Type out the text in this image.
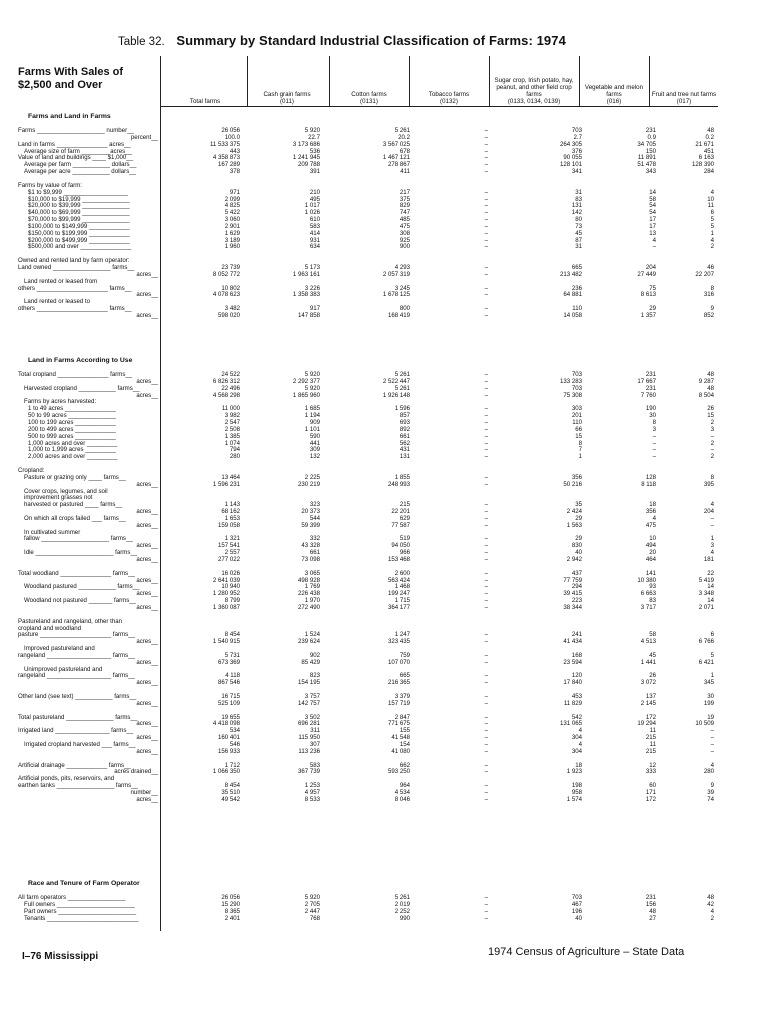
Table 32. Summary by Standard Industrial Classification of Farms: 1974
Farms With Sales of $2,500 and Over
Total farms
Cash grain farms
(011)
Cotton farms
(0131)
Tobacco farms
(0132)
Sugar crop, Irish potato, hay, peanut, and other field crop farms
(0133, 0134, 0139)
Vegetable and melon farms
(016)
Fruit and tree nut farms
(017)
Farms and Land in Farms
Farms ____________________ number__	26 056	5 920	5 261	–	703	231	48
percent__	100.0	22.7	20.2	–	2.7	0.9	0.2
Land in farms _______________ acres__	11 533 375	3 173 686	3 567 025	–	264 305	34 705	21 671
Average size of farm ________ acres__	443	536	678	–	376	150	451
Value of land and buildings ____ $1,000__	4 358 873	1 241 945	1 467 121	–	90 055	11 891	6 163
Average per farm ___________ dollars__	167 289	209 788	278 867	–	128 101	51 478	128 390
Average per acre ___________ dollars__	378	391	411	–	341	343	284
Farms by value of farm:
$1 to $9,999 ___________________	971	210	217	–	31	14	4
$10,000 to $19,999 ______________	2 099	495	375	–	83	58	10
$20,000 to $39,999 ______________	4 825	1 017	829	–	131	54	11
$40,000 to $69,999 ______________	5 422	1 026	747	–	142	54	6
$70,000 to $99,999 ______________	3 060	610	485	–	80	17	5
$100,000 to $149,999 ____________	2 901	583	475	–	73	17	5
$150,000 to $199,999 ____________	1 629	414	308	–	45	13	1
$200,000 to $499,999 ____________	3 189	931	925	–	87	4	4
$500,000 and over _______________	1 960	634	900	–	31	–	2
Owned and rented land by farm operator:
Land owned _________________ farms__	23 739	5 173	4 293	–	665	204	46
acres__	8 052 772	1 963 161	2 057 319	–	213 482	27 449	22 207
Land rented or leased from
others _____________________ farms__	10 802	3 226	3 245	–	236	75	8
acres__	4 078 623	1 358 383	1 678 125	–	64 881	8 613	316
Land rented or leased to
others _____________________ farms__	3 482	917	800	–	110	29	9
acres__	598 020	147 858	168 419	–	14 058	1 357	852
Land in Farms According to Use
Total cropland _______________ farms__	24 522	5 920	5 261	–	703	231	48
acres__	6 826 312	2 292 377	2 522 447	–	133 283	17 667	9 287
Harvested cropland ___________ farms__	22 496	5 920	5 261	–	703	231	48
acres__	4 568 298	1 865 960	1 926 148	–	75 308	7 760	8 504
Farms by acres harvested:
1 to 49 acres _______________	11 000	1 685	1 596	–	303	190	26
50 to 99 acres ______________	3 982	1 194	857	–	201	30	15
100 to 199 acres ____________	2 547	909	693	–	110	8	2
200 to 499 acres ____________	2 508	1 101	892	–	66	3	3
500 to 999 acres ____________	1 385	590	661	–	15	–	–
1,000 acres and over _________	1 074	441	562	–	8	–	2
1,000 to 1,999 acres _________	794	309	431	–	7	–	–
2,000 acres and over _________	280	132	131	–	1	–	2
Cropland:
Pasture or grazing only ____ farms__	13 464	2 225	1 855	–	356	128	8
acres__	1 596 231	230 219	248 993	–	50 216	8 118	395
Cover crops, legumes, and soil
improvement grasses not
harvested or pastured ____ farms__	1 143	323	215	–	35	18	4
acres__	68 162	20 373	22 201	–	2 424	356	204
On which all crops failed ___ farms__	1 653	544	629	–	29	4	–
acres__	159 058	59 399	77 587	–	1 563	475	–
In cultivated summer
fallow ____________________ farms__	1 321	332	519	–	29	10	1
acres__	157 541	43 328	94 050	–	830	494	3
Idle _______________________ farms__	2 557	661	966	–	40	20	4
acres__	277 022	73 098	153 468	–	2 942	464	181
Total woodland _______________ farms__	16 026	3 065	2 600	–	437	141	22
acres__	2 641 039	498 928	563 424	–	77 759	10 380	5 419
Woodland pastured ___________ farms__	10 940	1 769	1 468	–	294	93	14
acres__	1 280 952	226 438	199 247	–	39 415	6 663	3 348
Woodland not pastured _______ farms__	8 799	1 970	1 715	–	223	83	14
acres__	1 360 087	272 490	364 177	–	38 344	3 717	2 071
Pastureland and rangeland, other than
cropland and woodland
pasture _____________________ farms__	8 454	1 524	1 247	–	241	58	6
acres__	1 540 915	239 624	323 435	–	41 434	4 513	6 766
Improved pastureland and
rangeland ___________________ farms__	5 731	902	759	–	168	45	5
acres__	673 369	85 429	107 070	–	23 594	1 441	6 421
Unimproved pastureland and
rangeland ___________________ farms__	4 118	823	665	–	120	26	1
acres__	867 546	154 195	216 365	–	17 840	3 072	345
Other land (see text) ___________ farms__	16 715	3 757	3 379	–	453	137	30
acres__	525 109	142 757	157 719	–	11 829	2 145	199
Total pastureland ______________ farms__	19 655	3 502	2 847	–	542	172	19
acres__	4 418 098	696 281	771 675	–	131 065	19 294	10 509
Irrigated land ________________ farms__	534	311	155	–	4	11	–
acres__	160 401	115 950	41 548	–	304	215	–
Irrigated cropland harvested ___ farms__	546	307	154	–	4	11	–
acres__	156 933	113 236	41 080	–	304	215	–
Artificial drainage ____________ farms__	1 712	583	662	–	18	12	4
acres drained__	1 066 350	367 739	593 250	–	1 923	333	280
Artificial ponds, pits, reservoirs, and
earthen tanks _________________ farms__	8 454	1 253	964	–	198	60	9
number__	35 510	4 957	4 534	–	958	171	39
acres__	49 542	8 533	8 046	–	1 574	172	74
Race and Tenure of Farm Operator
All farm operators _________________	26 056	5 920	5 261	–	703	231	48
Full owners _______________________	15 290	2 705	2 019	–	467	156	42
Part owners _______________________	8 365	2 447	2 252	–	196	48	4
Tenants ___________________________	2 401	768	990	–	40	27	2
I–76 Mississippi	1974 Census of Agriculture – State Data
